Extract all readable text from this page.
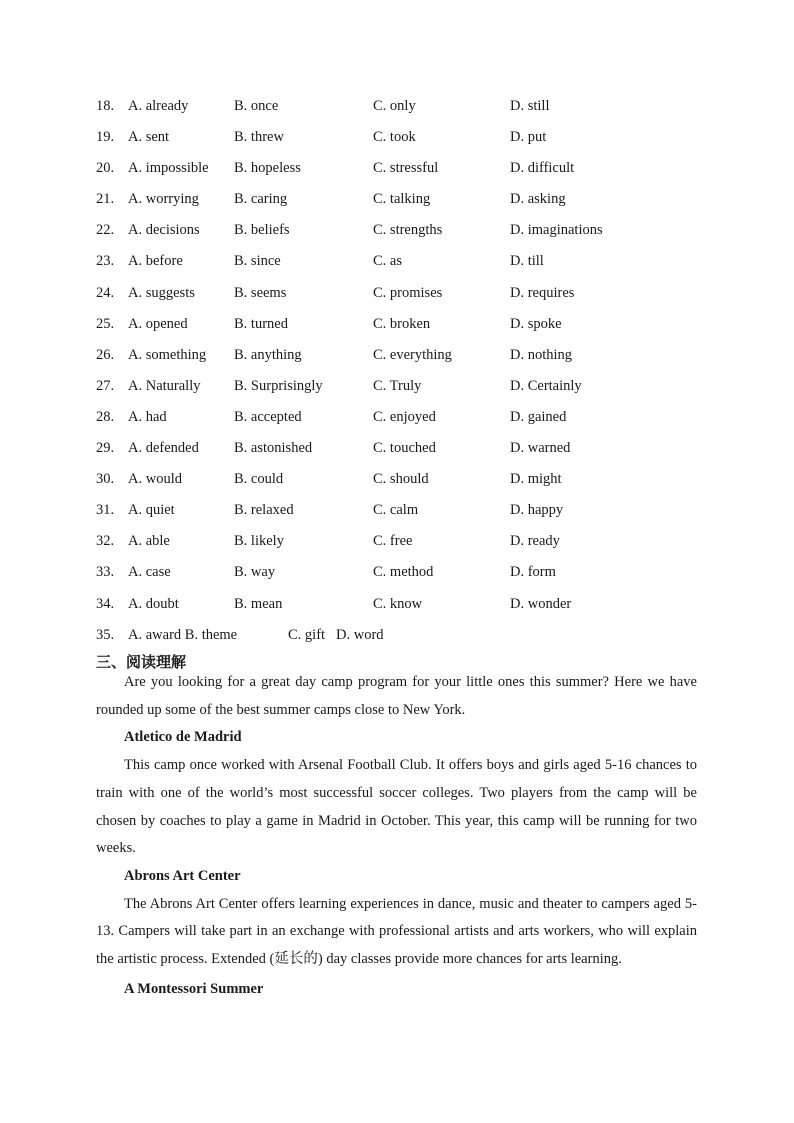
18. A. already	B. once	C. only	D. still
19. A. sent	B. threw	C. took	D. put
20. A. impossible B. hopeless	C. stressful	D. difficult
21. A. worrying B. caring	C. talking	D. asking
22. A. decisions B. beliefs	C. strengths	D. imaginations
23. A. before	B. since	C. as	D. till
24. A. suggests	B. seems	C. promises	D. requires
25. A. opened	B. turned	C. broken	D. spoke
26. A. something B. anything	C. everything	D. nothing
27. A. Naturally B. Surprisingly	C. Truly	D. Certainly
28. A. had	B. accepted	C. enjoyed	D. gained
29. A. defended B. astonished	C. touched	D. warned
30. A. would	B. could	C. should	D. might
31. A. quiet	B. relaxed	C. calm	D. happy
32. A. able	B. likely	C. free	D. ready
33. A. case	B. way	C. method	D. form
34. A. doubt	B. mean	C. know	D. wonder
35. A. award B. theme	C. gift D. word
三、阅读理解

Are you looking for a great day camp program for your little ones this summer? Here we have rounded up some of the best summer camps close to New York.

Atletico de Madrid

This camp once worked with Arsenal Football Club. It offers boys and girls aged 5-16 chances to train with one of the world’s most successful soccer colleges. Two players from the camp will be chosen by coaches to play a game in Madrid in October. This year, this camp will be running for two weeks.

Abrons Art Center

The Abrons Art Center offers learning experiences in dance, music and theater to campers aged 5-13. Campers will take part in an exchange with professional artists and arts workers, who will explain the artistic process. Extended (延长的) day classes provide more chances for arts learning.

A Montessori Summer
